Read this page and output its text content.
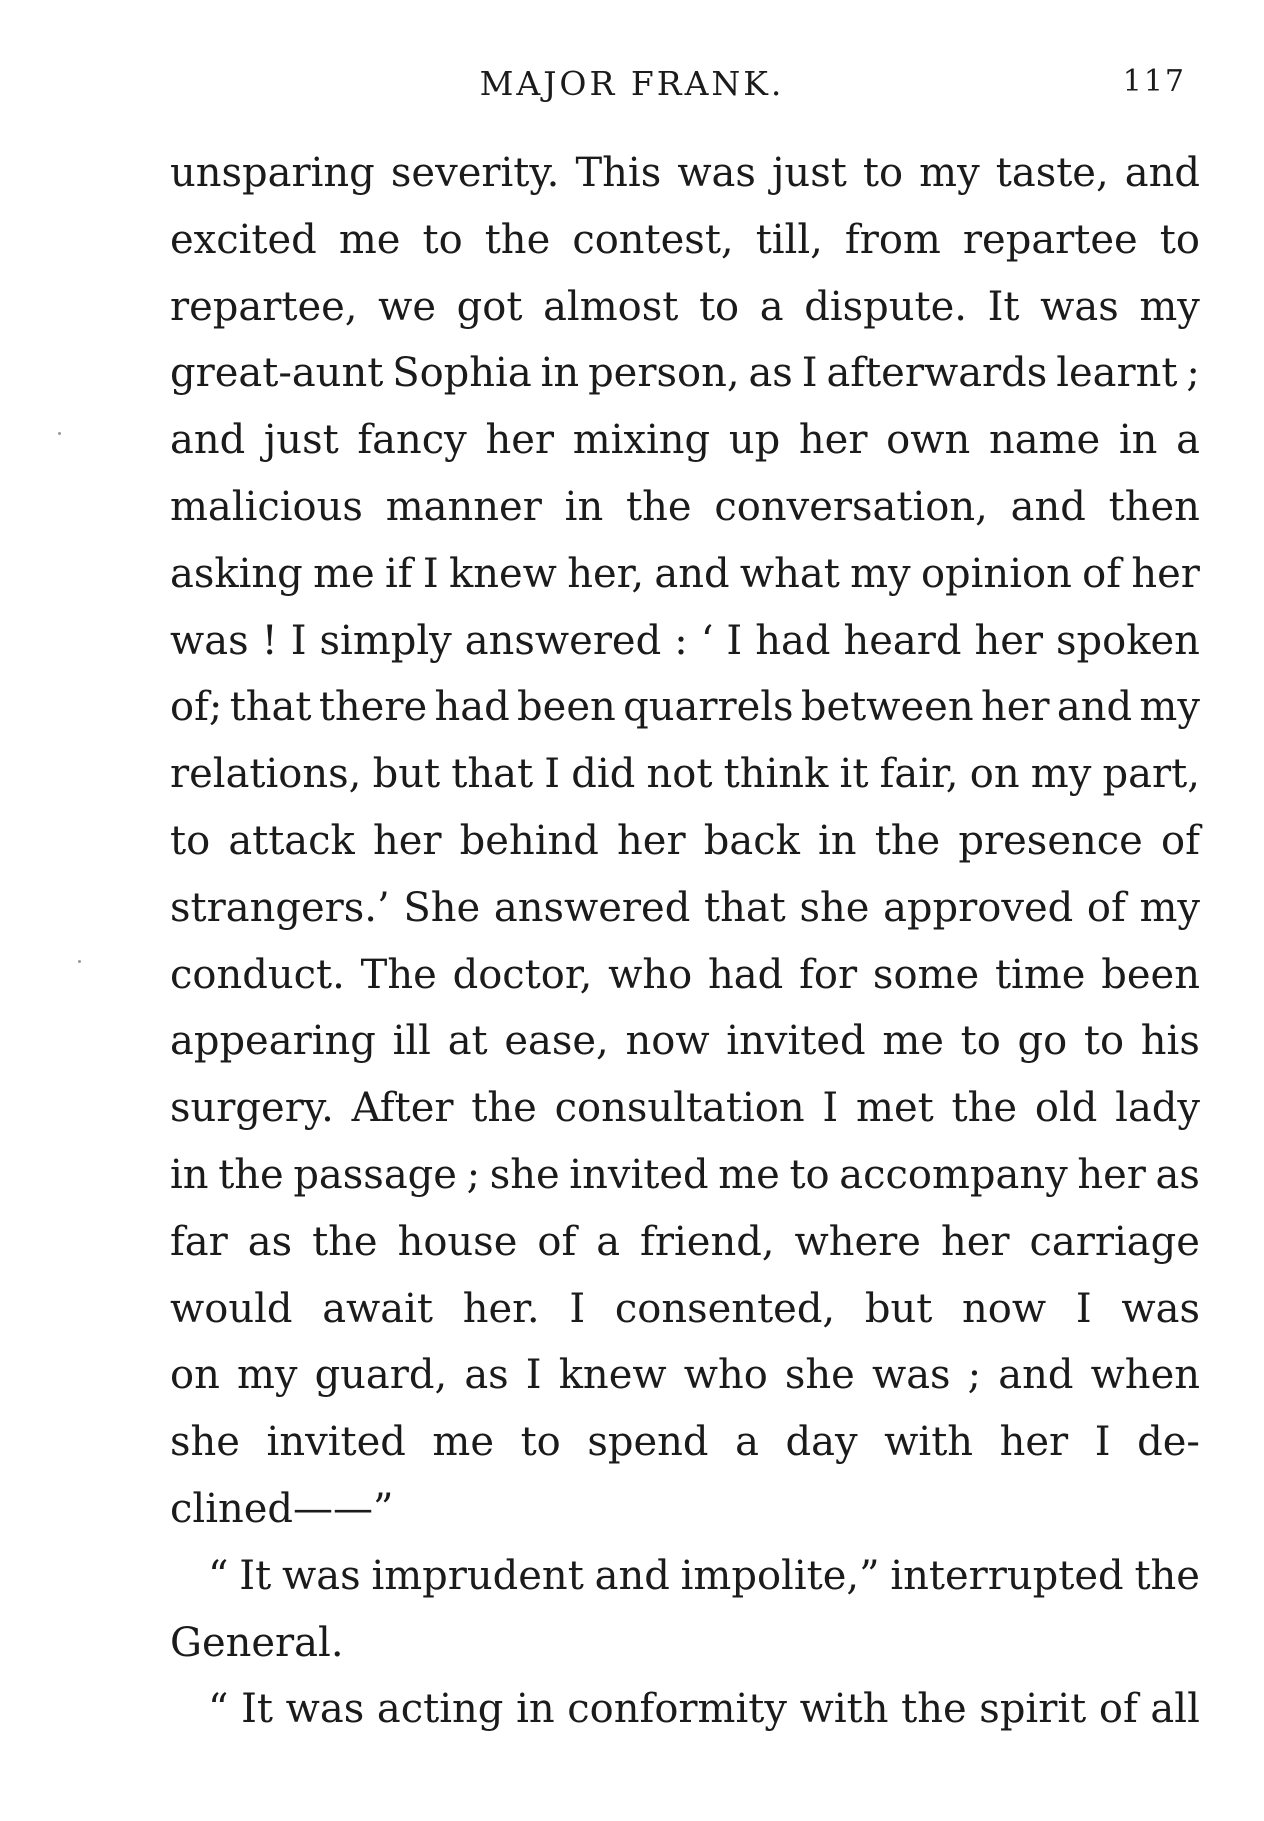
MAJOR FRANK.	117
unsparing severity. This was just to my taste, and
excited me to the contest, till, from repartee to
repartee, we got almost to a dispute. It was my
great-aunt Sophia in person, as I afterwards learnt ;
and just fancy her mixing up her own name in a
malicious manner in the conversation, and then
asking me if I knew her, and what my opinion of her
was ! I simply answered : ‘ I had heard her spoken
of; that there had been quarrels between her and my
relations, but that I did not think it fair, on my part,
to attack her behind her back in the presence of
strangers.’ She answered that she approved of my
conduct. The doctor, who had for some time been
appearing ill at ease, now invited me to go to his
surgery. After the consultation I met the old lady
in the passage ; she invited me to accompany her as
far as the house of a friend, where her carriage
would await her. I consented, but now I was
on my guard, as I knew who she was ; and when
she invited me to spend a day with her I de-
clined——”
“ It was imprudent and impolite,” interrupted the
General.
“ It was acting in conformity with the spirit of all
